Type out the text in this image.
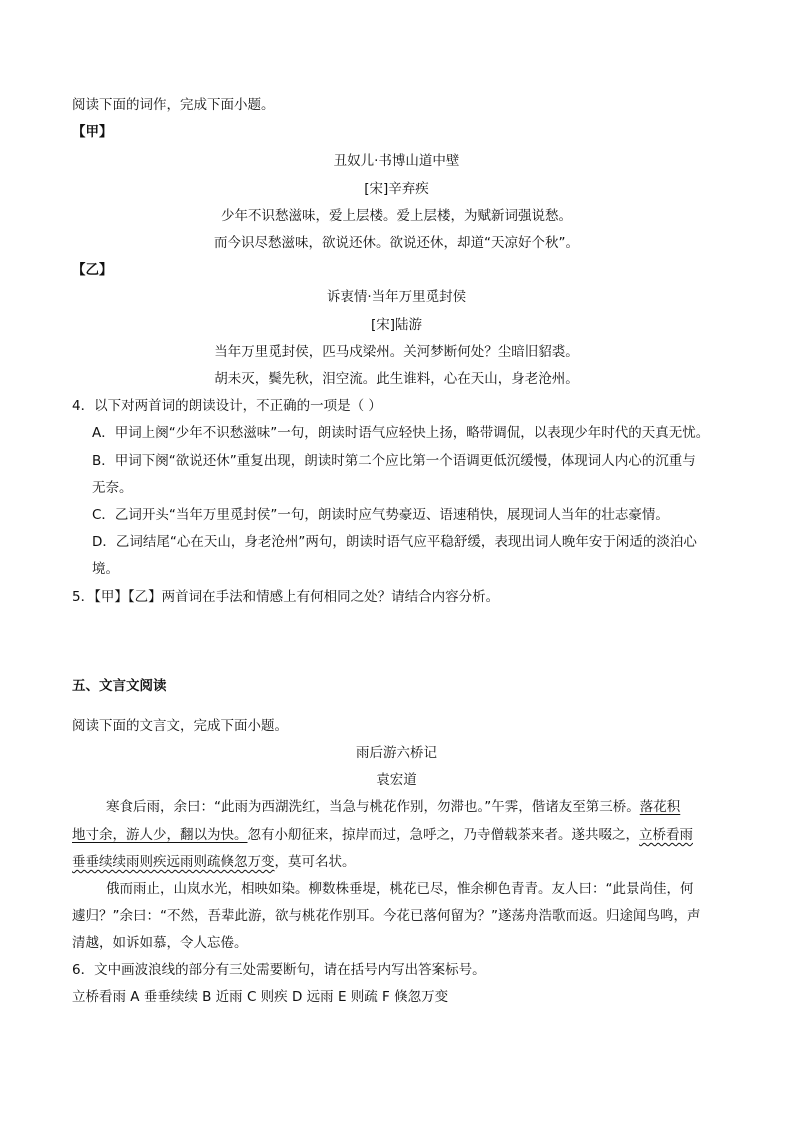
阅读下面的词作，完成下面小题。
【甲】
丑奴儿·书博山道中壁
[宋]辛弃疾
少年不识愁滋味，爱上层楼。爱上层楼，为赋新词强说愁。
而今识尽愁滋味，欲说还休。欲说还休，却道“天凉好个秋”。
【乙】
诉衷情·当年万里觅封侯
[宋]陆游
当年万里觅封侯，匹马戍梁州。关河梦断何处？尘暗旧貂裘。
胡未灭，鬓先秋，泪空流。此生谁料，心在天山，身老沧州。
4．以下对两首词的朗读设计，不正确的一项是（ ）
A．甲词上阕“少年不识愁滋味”一句，朗读时语气应轻快上扬，略带调侃，以表现少年时代的天真无忧。
B．甲词下阕“欲说还休”重复出现，朗读时第二个应比第一个语调更低沉缓慢，体现词人内心的沉重与
无奈。
C．乙词开头“当年万里觅封侯”一句，朗读时应气势豪迈、语速稍快，展现词人当年的壮志豪情。
D．乙词结尾“心在天山，身老沧州”两句，朗读时语气应平稳舒缓，表现出词人晚年安于闲适的淡泊心
境。
5．【甲】【乙】两首词在手法和情感上有何相同之处？请结合内容分析。
五、文言文阅读
阅读下面的文言文，完成下面小题。
雨后游六桥记
袁宏道
寒食后雨，余曰：“此雨为西湖洗红，当急与桃花作别，勿滞也。”午霁，偕诸友至第三桥。落花积
地寸余，游人少，翻以为快。忽有小舠征来，掠岸而过，急呼之，乃寺僧载茶来者。遂共啜之，立桥看雨
垂垂续续雨则疾远雨则疏倏忽万变，莫可名状。
俄而雨止，山岚水光，相映如染。柳数株垂堤，桃花已尽，惟余柳色青青。友人曰：“此景尚佳，何
遽归？”余曰：“不然，吾辈此游，欲与桃花作别耳。今花已落何留为？”遂荡舟浩歌而返。归途闻鸟鸣，声
清越，如诉如慕，令人忘倦。
6．文中画波浪线的部分有三处需要断句，请在括号内写出答案标号。
立桥看雨 A 垂垂续续 B 近雨 C 则疾 D 远雨 E 则疏 F 倏忽万变
